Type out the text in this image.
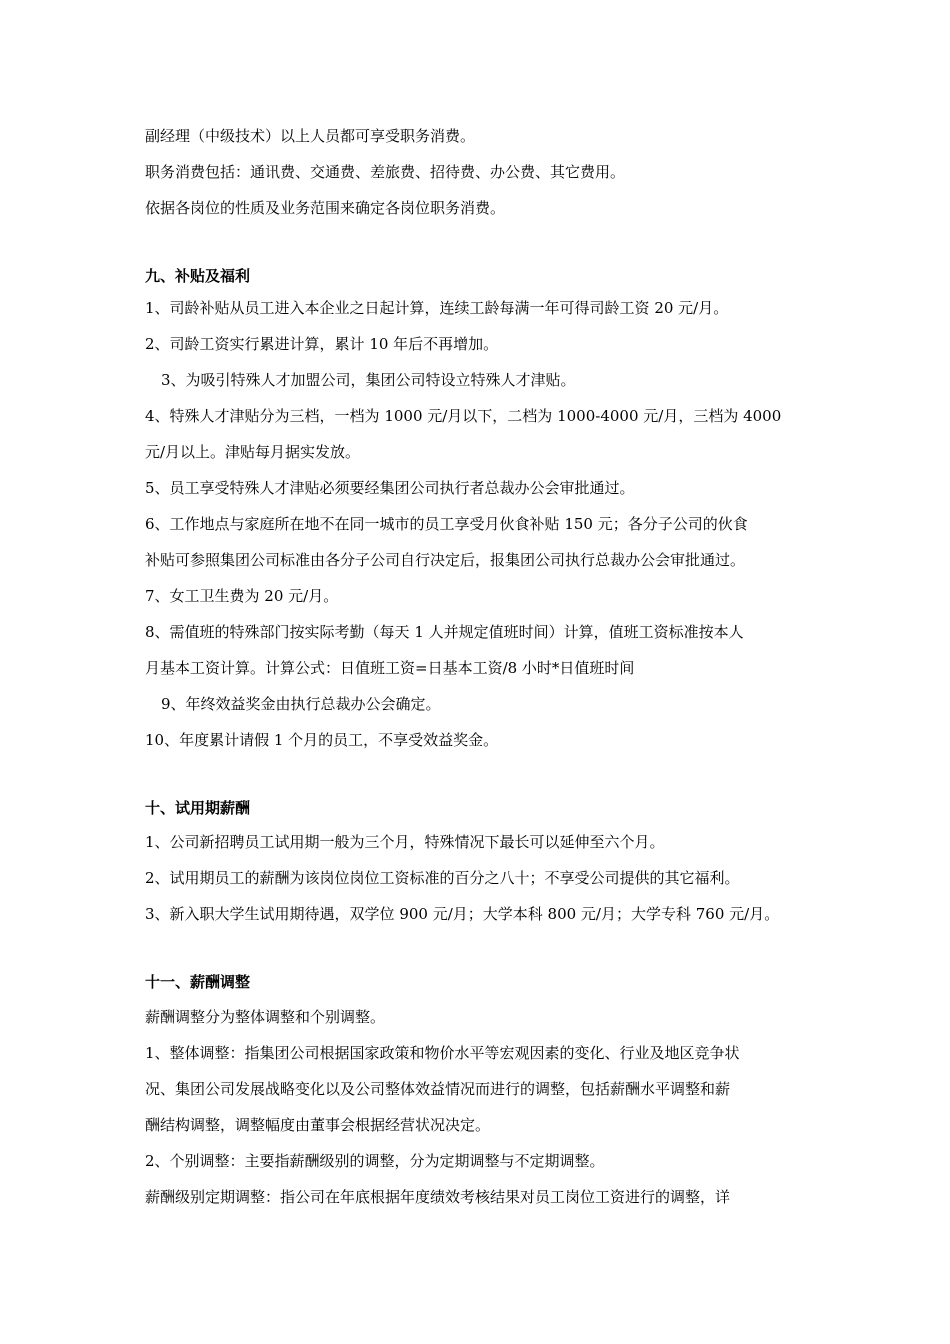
副经理（中级技术）以上人员都可享受职务消费。
职务消费包括：通讯费、交通费、差旅费、招待费、办公费、其它费用。
依据各岗位的性质及业务范围来确定各岗位职务消费。
九、补贴及福利
1、司龄补贴从员工进入本企业之日起计算，连续工龄每满一年可得司龄工资 20 元/月。
2、司龄工资实行累进计算，累计 10 年后不再增加。
3、为吸引特殊人才加盟公司，集团公司特设立特殊人才津贴。
4、特殊人才津贴分为三档，一档为 1000 元/月以下，二档为 1000-4000 元/月，三档为 4000
元/月以上。津贴每月据实发放。
5、员工享受特殊人才津贴必须要经集团公司执行者总裁办公会审批通过。
6、工作地点与家庭所在地不在同一城市的员工享受月伙食补贴 150 元；各分子公司的伙食
补贴可参照集团公司标准由各分子公司自行决定后，报集团公司执行总裁办公会审批通过。
7、女工卫生费为 20 元/月。
8、需值班的特殊部门按实际考勤（每天 1 人并规定值班时间）计算，值班工资标准按本人
月基本工资计算。计算公式：日值班工资=日基本工资/8 小时*日值班时间
9、年终效益奖金由执行总裁办公会确定。
10、年度累计请假 1 个月的员工，不享受效益奖金。
十、试用期薪酬
1、公司新招聘员工试用期一般为三个月，特殊情况下最长可以延伸至六个月。
2、试用期员工的薪酬为该岗位岗位工资标准的百分之八十；不享受公司提供的其它福利。
3、新入职大学生试用期待遇，双学位 900 元/月；大学本科 800 元/月；大学专科 760 元/月。
十一、薪酬调整
薪酬调整分为整体调整和个别调整。
1、整体调整：指集团公司根据国家政策和物价水平等宏观因素的变化、行业及地区竞争状
况、集团公司发展战略变化以及公司整体效益情况而进行的调整，包括薪酬水平调整和薪
酬结构调整，调整幅度由董事会根据经营状况决定。
2、个别调整：主要指薪酬级别的调整，分为定期调整与不定期调整。
薪酬级别定期调整：指公司在年底根据年度绩效考核结果对员工岗位工资进行的调整，详
